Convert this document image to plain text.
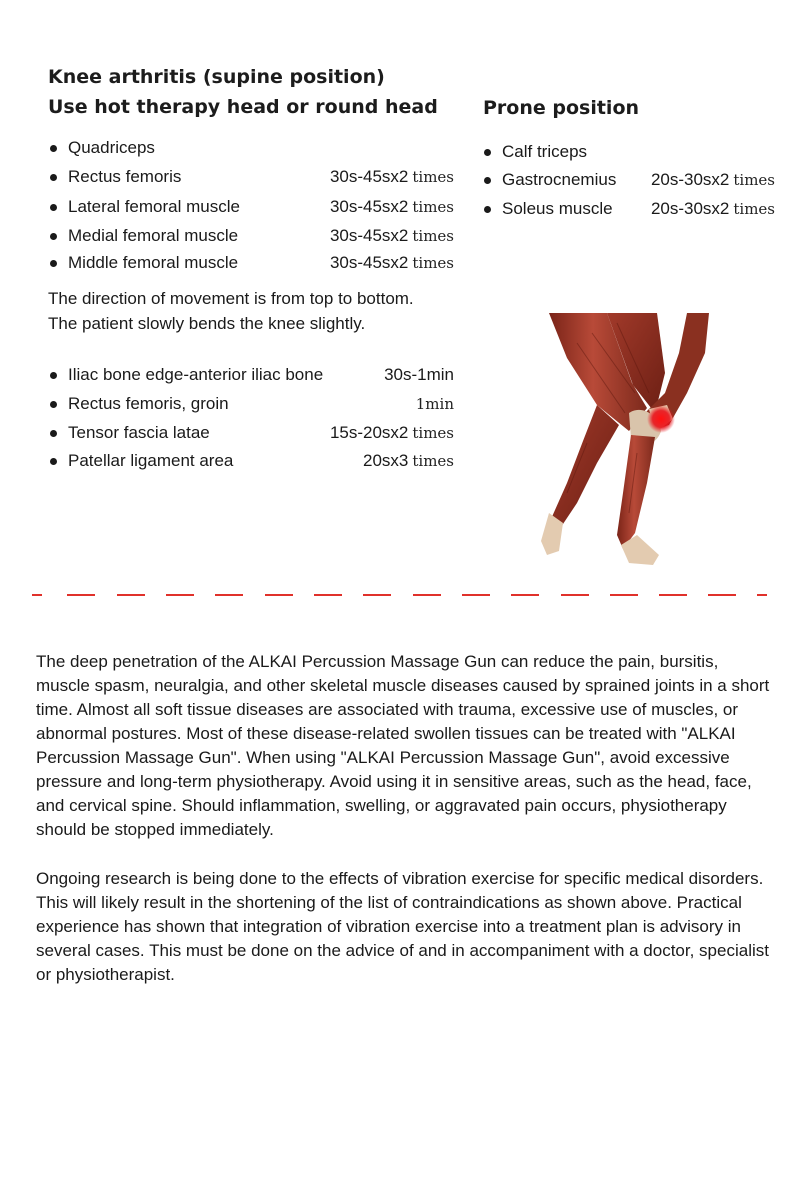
Knee arthritis (supine position)
Use hot therapy head or round head
Quadriceps
Rectus femoris	30s-45sx2 times
Lateral femoral muscle	30s-45sx2 times
Medial femoral muscle	30s-45sx2 times
Middle femoral muscle	30s-45sx2 times
The direction of movement is from top to bottom.
The patient slowly bends the knee slightly.
Iliac bone edge-anterior iliac bone	30s-1min
Rectus femoris, groin	1min
Tensor fascia latae	15s-20sx2 times
Patellar ligament area	20sx3 times
Prone position
Calf triceps
Gastrocnemius 20s-30sx2 times
Soleus muscle 20s-30sx2 times
The deep penetration of the ALKAI Percussion Massage Gun can reduce the pain, bursitis, muscle spasm, neuralgia, and other skeletal muscle diseases caused by sprained joints in a short time. Almost all soft tissue diseases are associated with trauma, excessive use of muscles, or abnormal postures. Most of these disease-related swollen tissues can be treated with "ALKAI Percussion Massage Gun". When using "ALKAI Percussion Massage Gun", avoid excessive pressure and long-term physiotherapy. Avoid using it in sensitive areas, such as the head, face, and cervical spine. Should inflammation, swelling, or aggravated pain occurs, physiotherapy should be stopped immediately.
Ongoing research is being done to the effects of vibration exercise for specific medical disorders. This will likely result in the shortening of the list of contraindications as shown above. Practical experience has shown that integration of vibration exercise into a treatment plan is advisory in several cases. This must be done on the advice of and in accompaniment with a doctor, specialist or physiotherapist.
